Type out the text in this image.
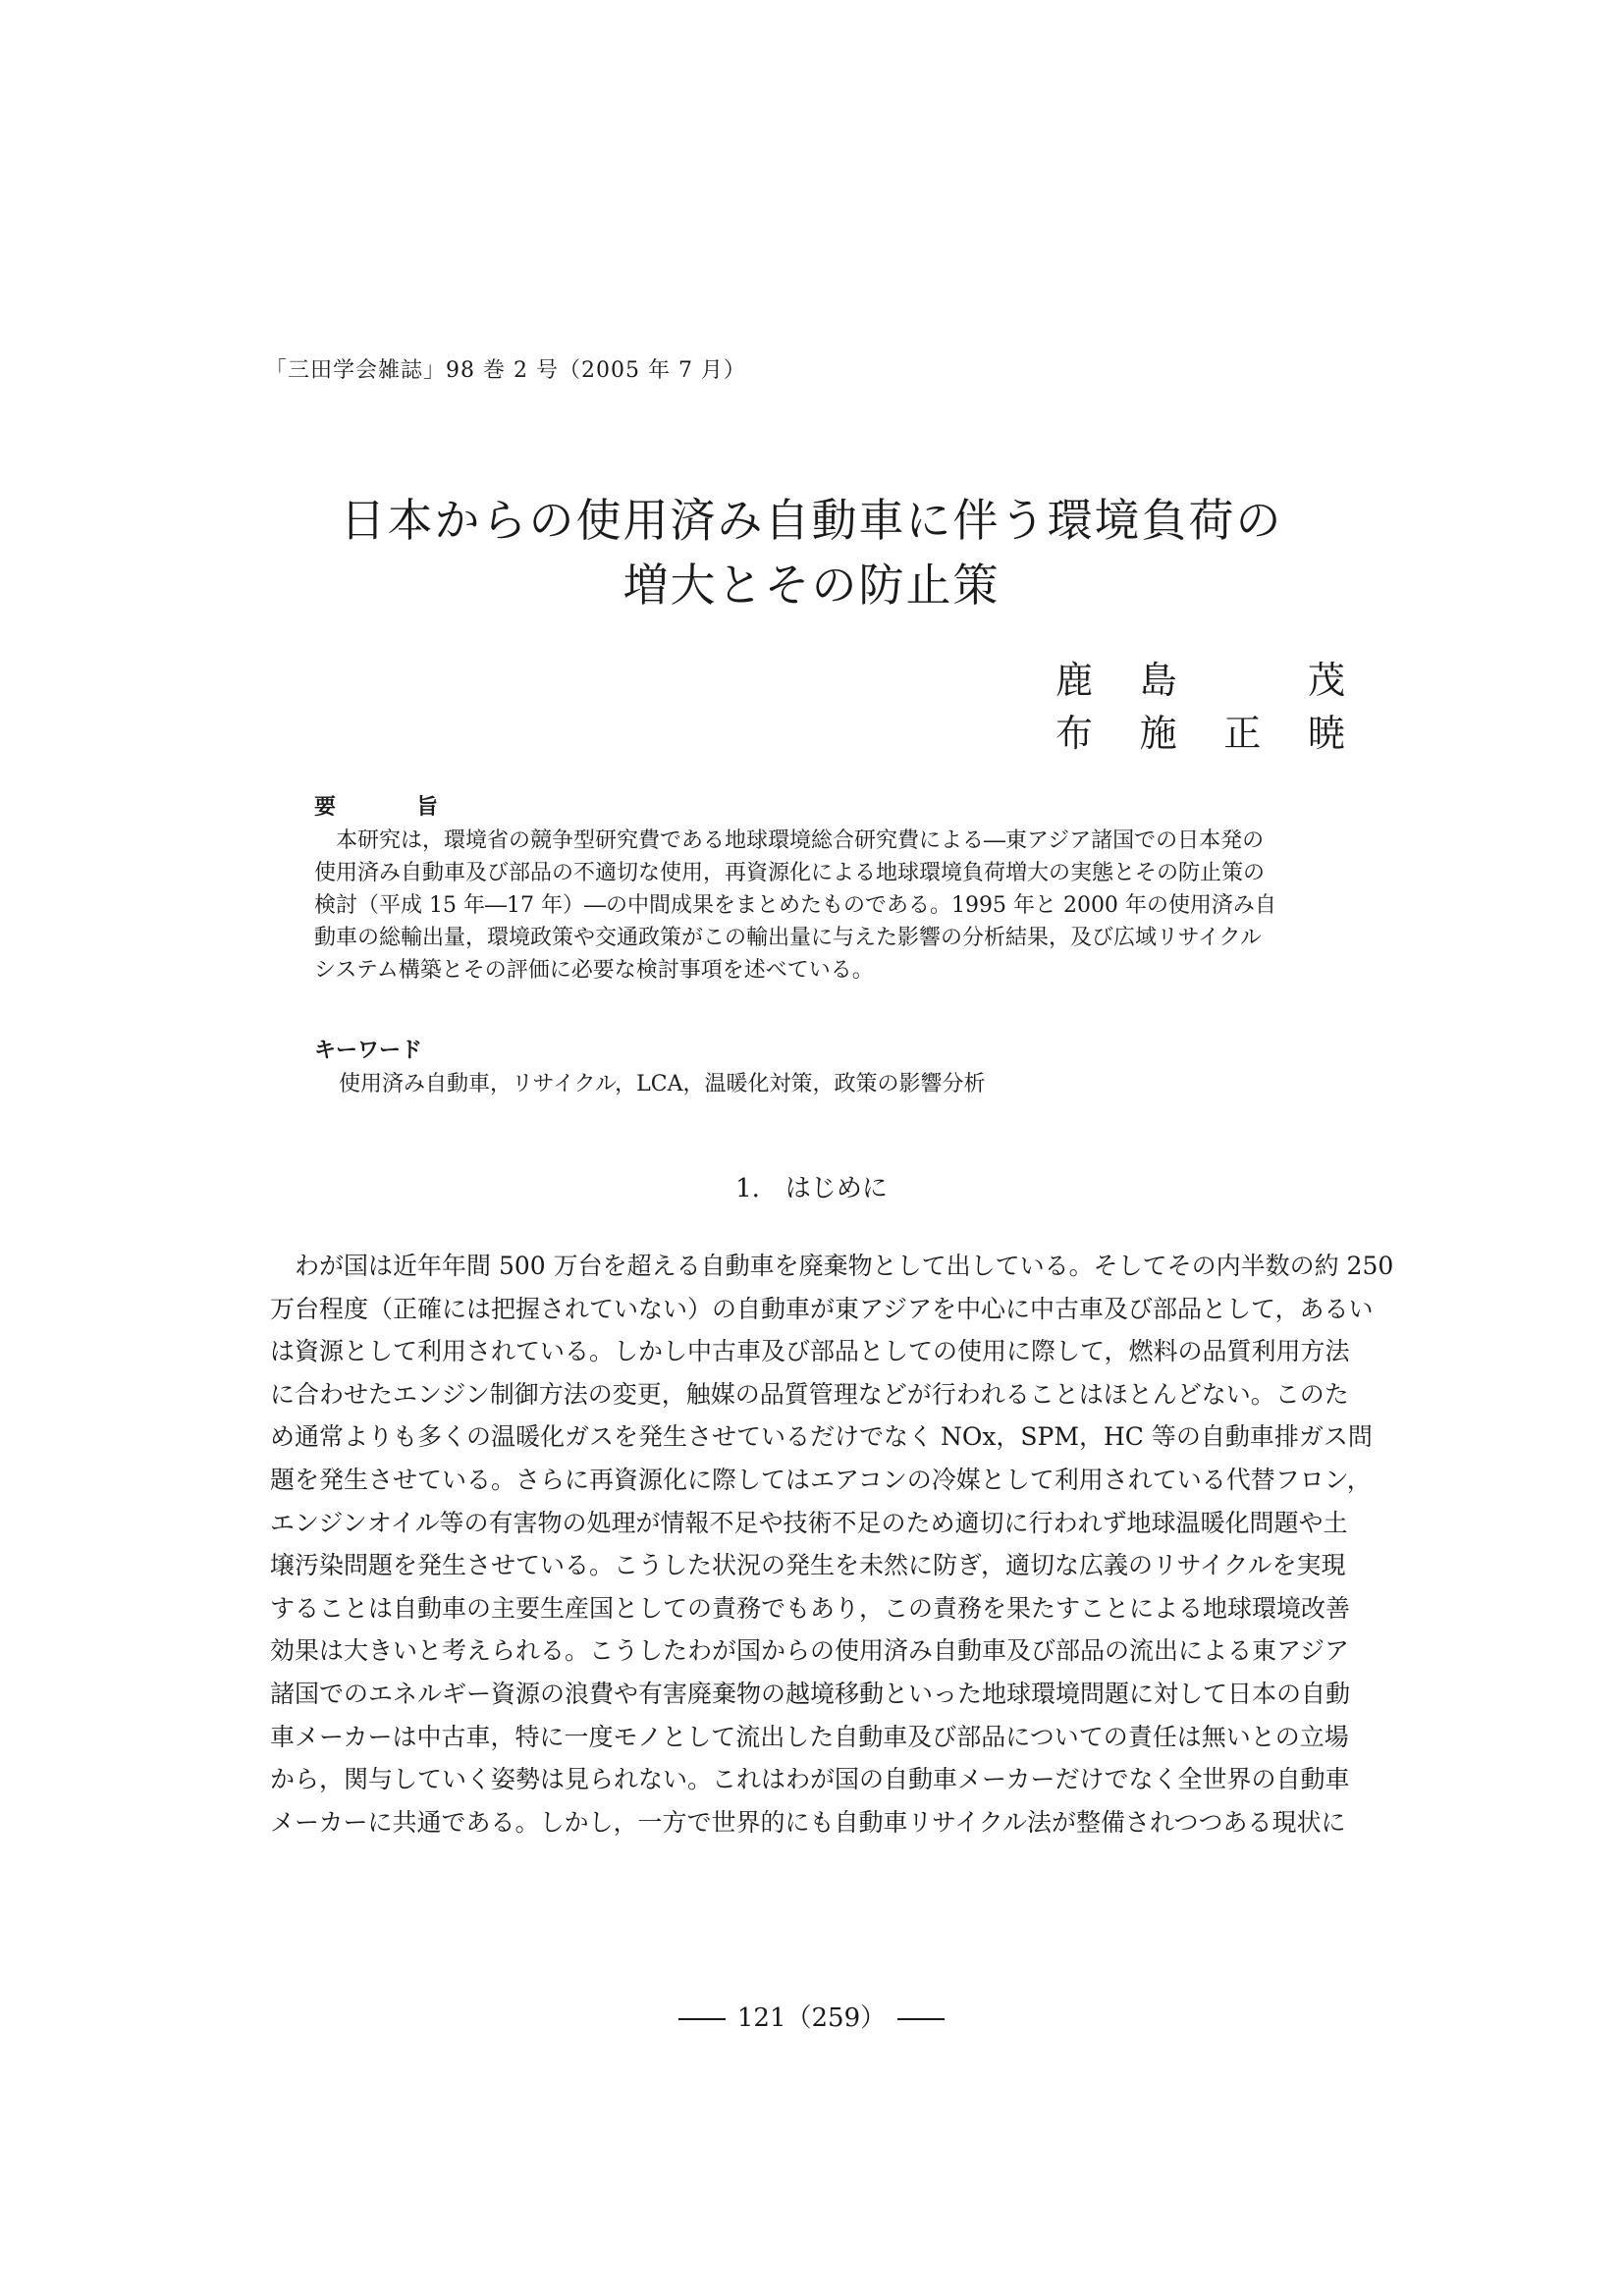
「三田学会雑誌」98 巻 2 号（2005 年 7 月）
日本からの使用済み自動車に伴う環境負荷の
増大とその防止策
鹿 島	茂
布 施 正 暁
要　旨
　本研究は，環境省の競争型研究費である地球環境総合研究費による―東アジア諸国での日本発の
使用済み自動車及び部品の不適切な使用，再資源化による地球環境負荷増大の実態とその防止策の
検討（平成 15 年―17 年）―の中間成果をまとめたものである。1995 年と 2000 年の使用済み自
動車の総輸出量，環境政策や交通政策がこの輸出量に与えた影響の分析結果，及び広域リサイクル
システム構築とその評価に必要な検討事項を述べている。
キーワード
使用済み自動車，リサイクル，LCA，温暖化対策，政策の影響分析
1.　はじめに
　わが国は近年年間 500 万台を超える自動車を廃棄物として出している。そしてその内半数の約 250
万台程度（正確には把握されていない）の自動車が東アジアを中心に中古車及び部品として，あるい
は資源として利用されている。しかし中古車及び部品としての使用に際して，燃料の品質利用方法
に合わせたエンジン制御方法の変更，触媒の品質管理などが行われることはほとんどない。このた
め通常よりも多くの温暖化ガスを発生させているだけでなく NOx，SPM，HC 等の自動車排ガス問
題を発生させている。さらに再資源化に際してはエアコンの冷媒として利用されている代替フロン，
エンジンオイル等の有害物の処理が情報不足や技術不足のため適切に行われず地球温暖化問題や土
壌汚染問題を発生させている。こうした状況の発生を未然に防ぎ，適切な広義のリサイクルを実現
することは自動車の主要生産国としての責務でもあり，この責務を果たすことによる地球環境改善
効果は大きいと考えられる。こうしたわが国からの使用済み自動車及び部品の流出による東アジア
諸国でのエネルギー資源の浪費や有害廃棄物の越境移動といった地球環境問題に対して日本の自動
車メーカーは中古車，特に一度モノとして流出した自動車及び部品についての責任は無いとの立場
から，関与していく姿勢は見られない。これはわが国の自動車メーカーだけでなく全世界の自動車
メーカーに共通である。しかし，一方で世界的にも自動車リサイクル法が整備されつつある現状に
121（259）
